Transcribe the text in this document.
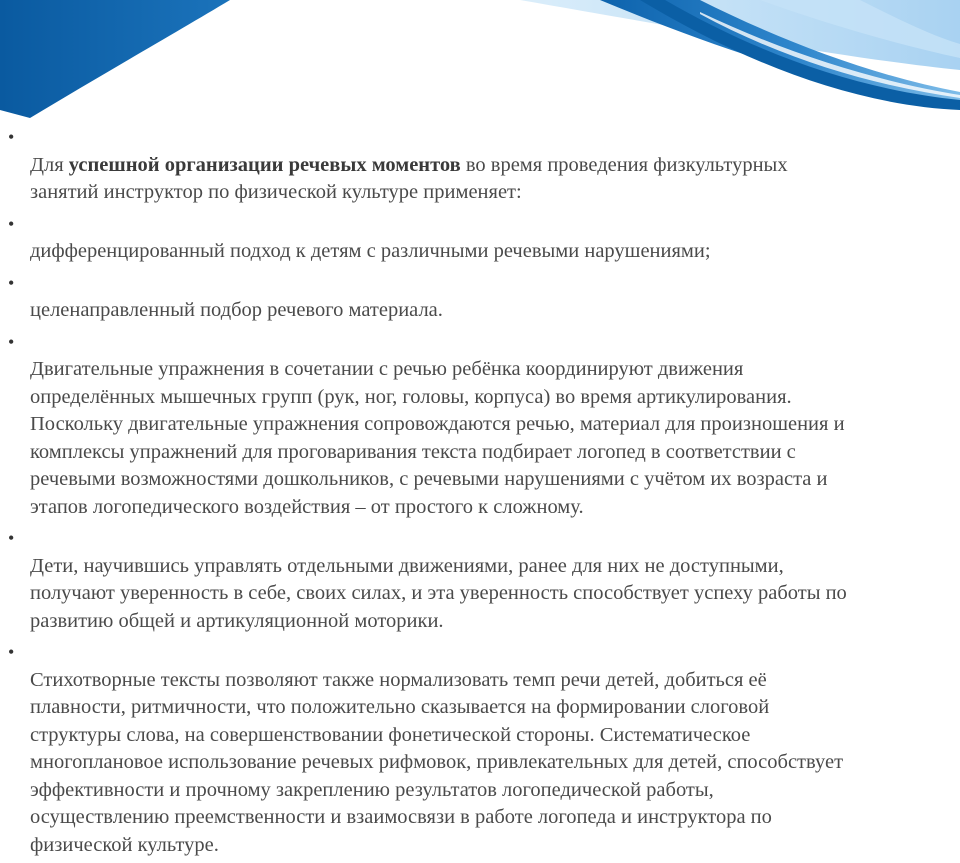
•
Для успешной организации речевых моментов во время проведения физкультурных
занятий инструктор по физической культуре применяет:

•
дифференцированный подход к детям с различными речевыми нарушениями;

•
целенаправленный подбор речевого материала.

•
Двигательные упражнения в сочетании с речью ребёнка координируют движения
определённых мышечных групп (рук, ног, головы, корпуса) во время артикулирования.
Поскольку двигательные упражнения сопровождаются речью, материал для произношения и
комплексы упражнений для проговаривания текста подбирает логопед в соответствии с
речевыми возможностями дошкольников, с речевыми нарушениями с учётом их возраста и
этапов логопедического воздействия – от простого к сложному.

•
Дети, научившись управлять отдельными движениями, ранее для них не доступными,
получают уверенность в себе, своих силах, и эта уверенность способствует успеху работы по
развитию общей и артикуляционной моторики.

•
Стихотворные тексты позволяют также нормализовать темп речи детей, добиться её
плавности, ритмичности, что положительно сказывается на формировании слоговой
структуры слова, на совершенствовании фонетической стороны. Систематическое
многоплановое использование речевых рифмовок, привлекательных для детей, способствует
эффективности и прочному закреплению результатов логопедической работы,
осуществлению преемственности и взаимосвязи в работе логопеда и инструктора по
физической культуре.
